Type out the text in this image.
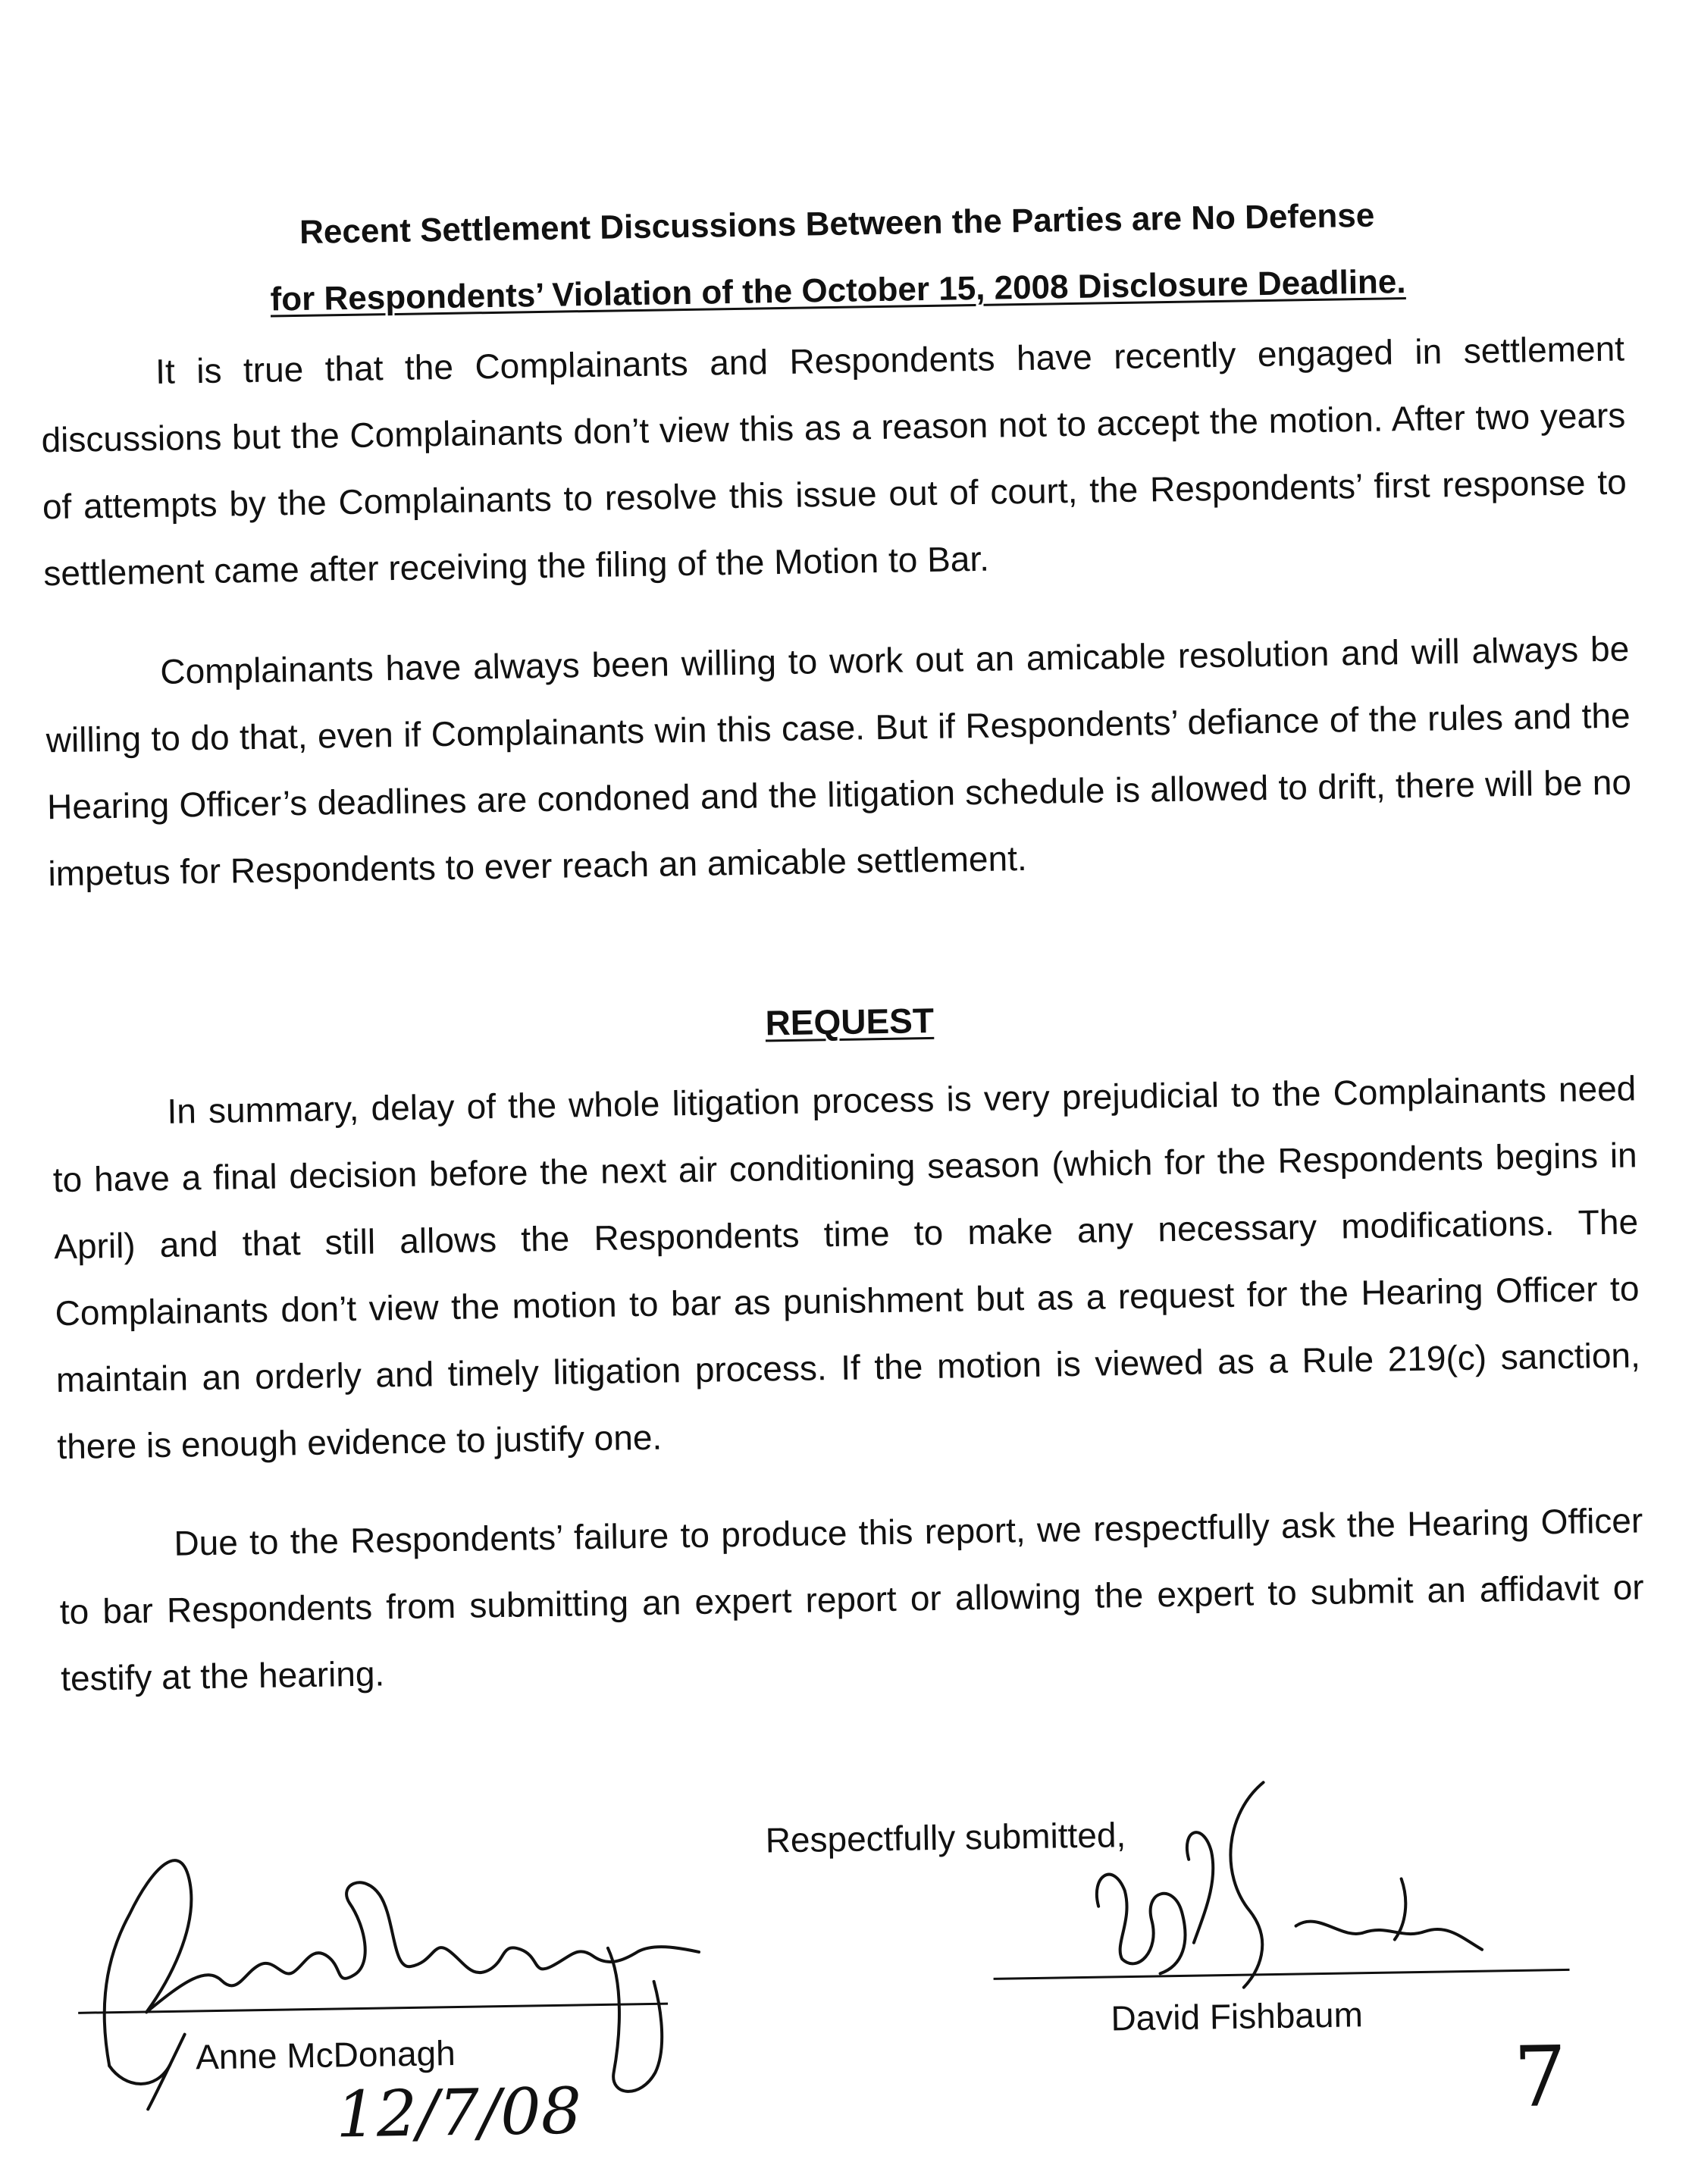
Recent Settlement Discussions Between the Parties are No Defense

for Respondents’ Violation of the October 15, 2008 Disclosure Deadline.

It is true that the Complainants and Respondents have recently engaged in settlement discussions but the Complainants don’t view this as a reason not to accept the motion. After two years of attempts by the Complainants to resolve this issue out of court, the Respondents’ first response to settlement came after receiving the filing of the Motion to Bar.

Complainants have always been willing to work out an amicable resolution and will always be willing to do that, even if Complainants win this case. But if Respondents’ defiance of the rules and the Hearing Officer’s deadlines are condoned and the litigation schedule is allowed to drift, there will be no impetus for Respondents to ever reach an amicable settlement.

REQUEST

In summary, delay of the whole litigation process is very prejudicial to the Complainants need to have a final decision before the next air conditioning season (which for the Respondents begins in April) and that still allows the Respondents time to make any necessary modifications. The Complainants don’t view the motion to bar as punishment but as a request for the Hearing Officer to maintain an orderly and timely litigation process. If the motion is viewed as a Rule 219(c) sanction, there is enough evidence to justify one.

Due to the Respondents’ failure to produce this report, we respectfully ask the Hearing Officer to bar Respondents from submitting an expert report or allowing the expert to submit an affidavit or testify at the hearing.

Respectfully submitted,
Anne McDonagh
12/7/08
David Fishbaum
7
